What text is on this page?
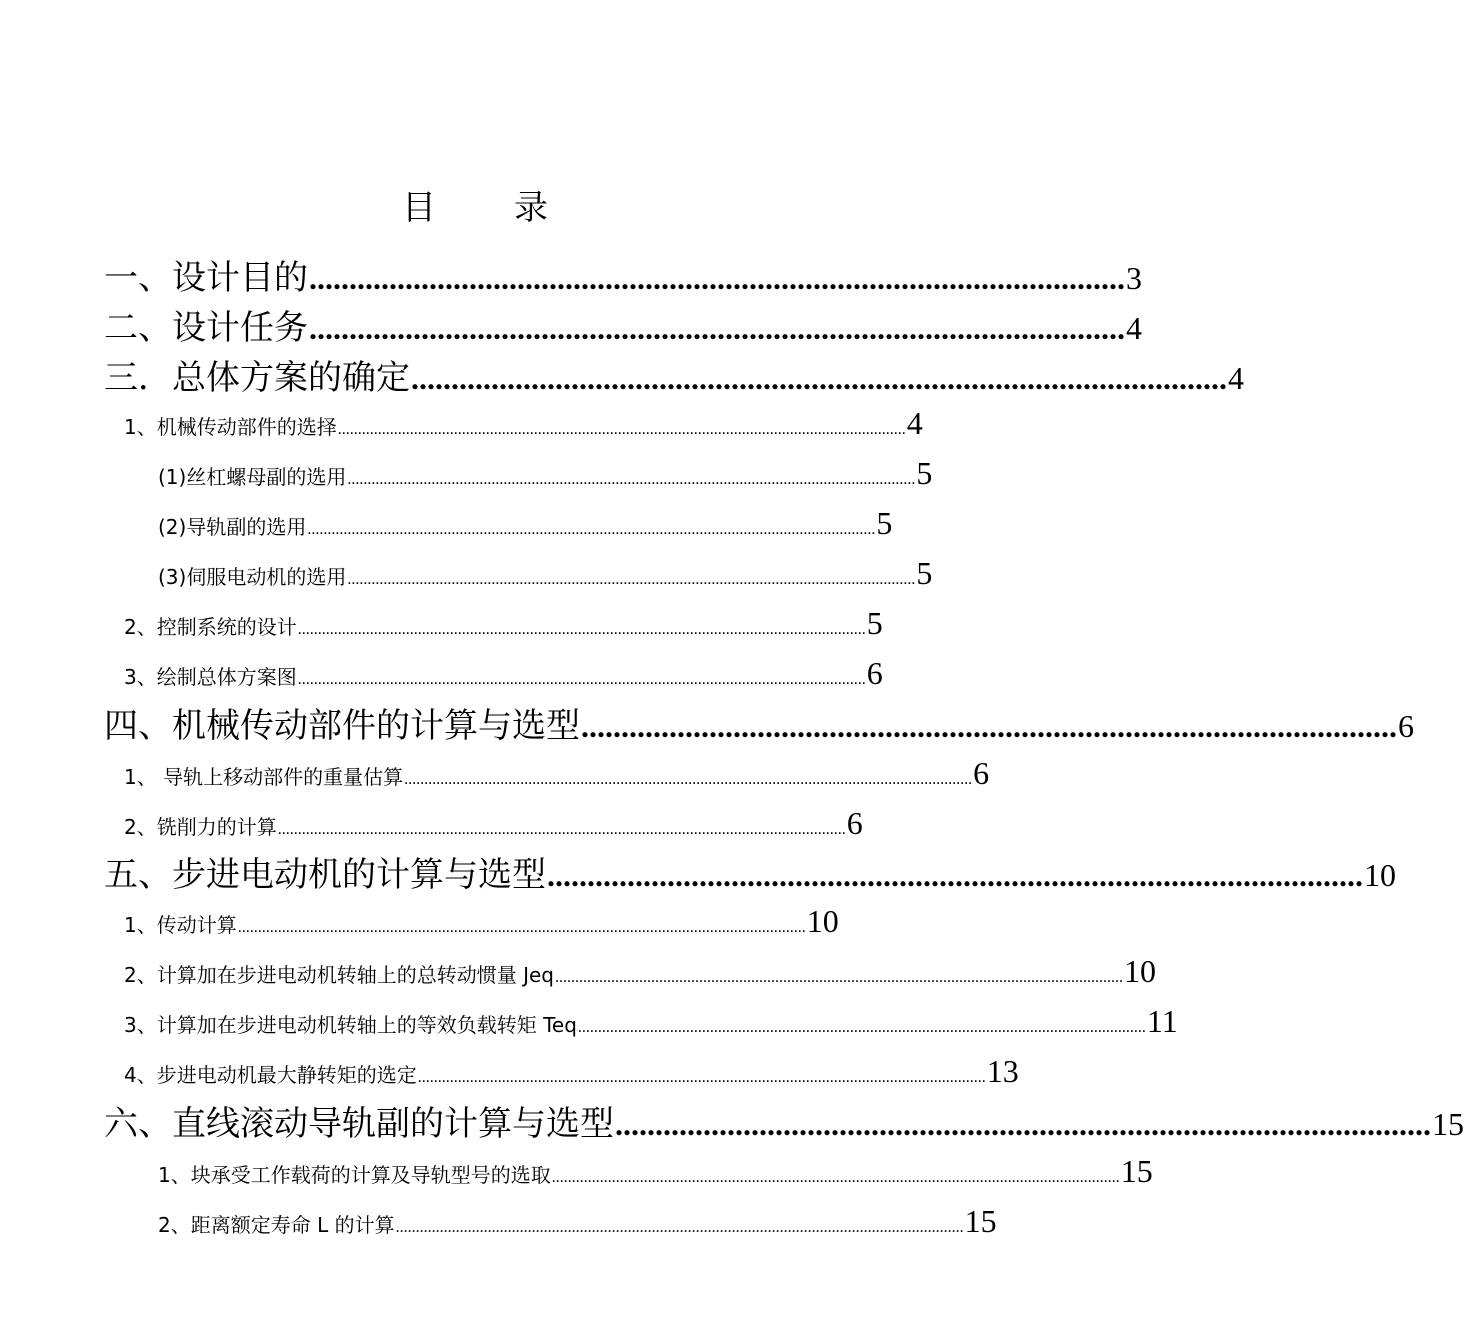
目 录
一、设计目的 ...................................................................................................... 3
二、设计任务 ...................................................................................................... 4
三．总体方案的确定 ...................................................................................................... 4
1、机械传动部件的选择 .............................................................................................................................................. 4
(1)丝杠螺母副的选用 .............................................................................................................................................. 5
(2)导轨副的选用 .............................................................................................................................................. 5
(3)伺服电动机的选用 .............................................................................................................................................. 5
2、控制系统的设计 .............................................................................................................................................. 5
3、绘制总体方案图 .............................................................................................................................................. 6
四、机械传动部件的计算与选型 ...................................................................................................... 6
1、 导轨上移动部件的重量估算 .............................................................................................................................................. 6
2、铣削力的计算 .............................................................................................................................................. 6
五、步进电动机的计算与选型 ...................................................................................................... 10
1、传动计算 .............................................................................................................................................. 10
2、计算加在步进电动机转轴上的总转动惯量 Jeq .............................................................................................................................................. 10
3、计算加在步进电动机转轴上的等效负载转矩 Teq .............................................................................................................................................. 11
4、步进电动机最大静转矩的选定 .............................................................................................................................................. 13
六、直线滚动导轨副的计算与选型 ...................................................................................................... 15
1、块承受工作载荷的计算及导轨型号的选取 .............................................................................................................................................. 15
2、距离额定寿命 L 的计算 .............................................................................................................................................. 15
